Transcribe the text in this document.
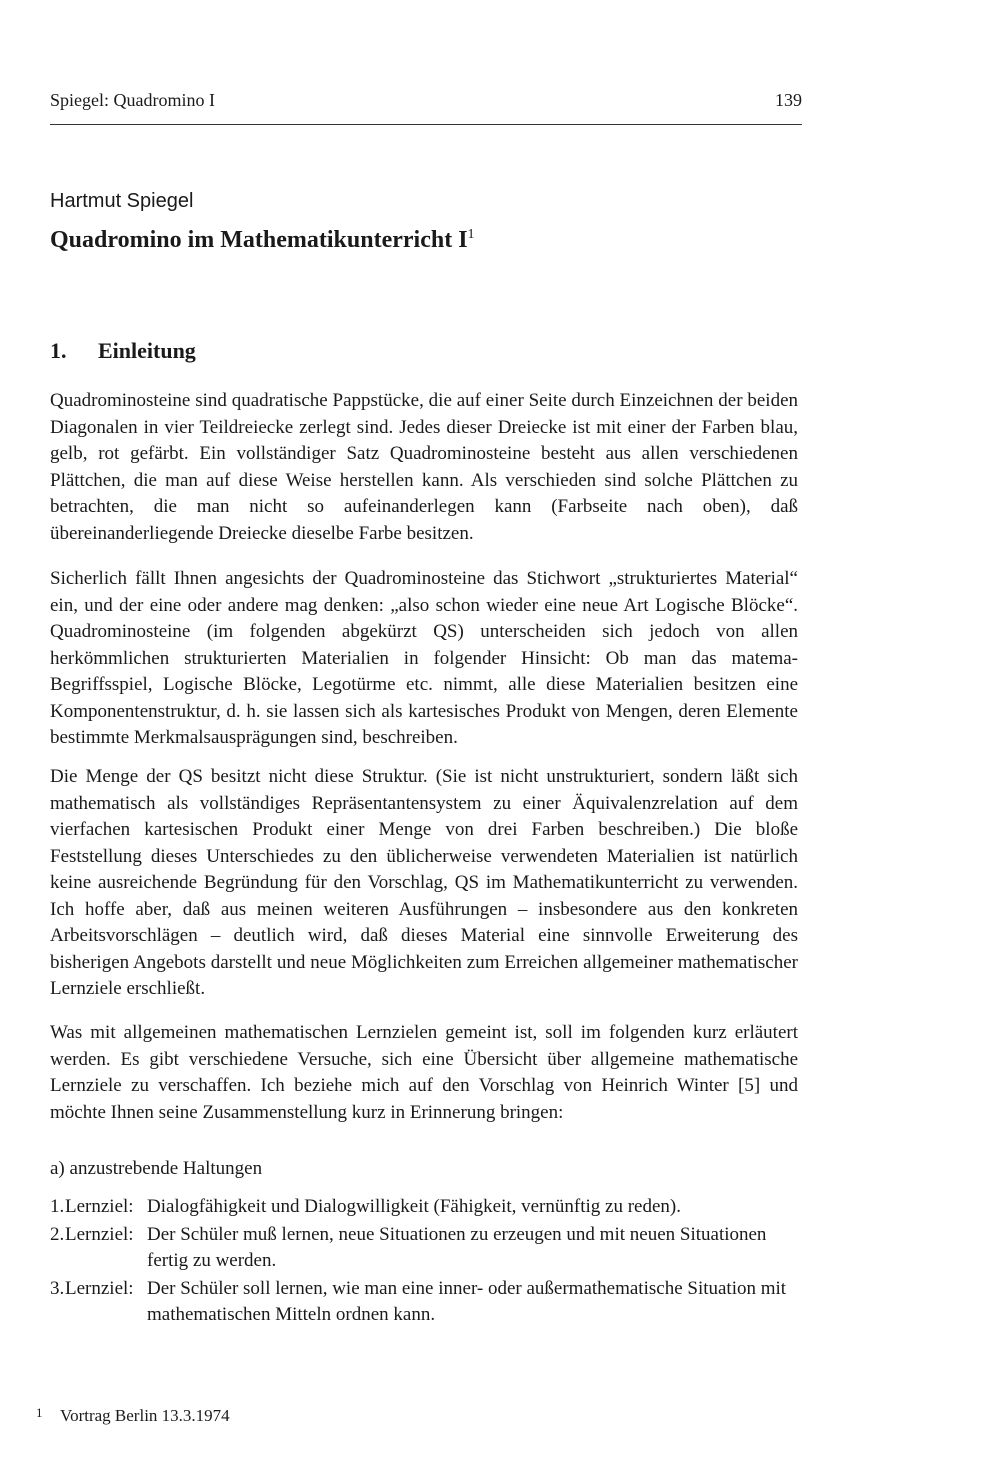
Spiegel: Quadromino I	139

Hartmut Spiegel

Quadromino im Mathematikunterricht $I^1$
1. Einleitung

Quadrominosteine sind quadratische Pappstücke, die auf einer Seite durch Einzeichnen der beiden Diagonalen in vier Teildreiecke zerlegt sind. Jedes dieser Dreiecke ist mit einer der Farben blau, gelb, rot gefärbt. Ein vollständiger Satz Quadrominosteine besteht aus allen verschiedenen Plättchen, die man auf diese Weise herstellen kann. Als verschieden sind solche Plättchen zu betrachten, die man nicht so aufeinanderlegen kann (Farbseite nach oben), daß übereinanderliegende Dreiecke dieselbe Farbe besitzen.

Sicherlich fällt Ihnen angesichts der Quadrominosteine das Stichwort „strukturiertes Material“ ein, und der eine oder andere mag denken: „also schon wieder eine neue Art Logische Blöcke“. Quadrominosteine (im folgenden abgekürzt QS) unterscheiden sich jedoch von allen herkömmlichen strukturierten Materialien in folgender Hinsicht: Ob man das matema-Begriffsspiel, Logische Blöcke, Legotürme etc. nimmt, alle diese Materialien besitzen eine Komponentenstruktur, d. h. sie lassen sich als kartesisches Produkt von Mengen, deren Elemente bestimmte Merkmalsausprägungen sind, beschreiben.

Die Menge der QS besitzt nicht diese Struktur. (Sie ist nicht unstrukturiert, sondern läßt sich mathematisch als vollständiges Repräsentantensystem zu einer Äquivalenzrelation auf dem vierfachen kartesischen Produkt einer Menge von drei Farben beschreiben.) Die bloße Feststellung dieses Unterschiedes zu den üblicherweise verwendeten Materialien ist natürlich keine ausreichende Begründung für den Vorschlag, QS im Mathematikunterricht zu verwenden. Ich hoffe aber, daß aus meinen weiteren Ausführungen – insbesondere aus den konkreten Arbeitsvorschlägen – deutlich wird, daß dieses Material eine sinnvolle Erweiterung des bisherigen Angebots darstellt und neue Möglichkeiten zum Erreichen allgemeiner mathematischer Lernziele erschließt.

Was mit allgemeinen mathematischen Lernzielen gemeint ist, soll im folgenden kurz erläutert werden. Es gibt verschiedene Versuche, sich eine Übersicht über allgemeine mathematische Lernziele zu verschaffen. Ich beziehe mich auf den Vorschlag von Heinrich Winter [5] und möchte Ihnen seine Zusammenstellung kurz in Erinnerung bringen:

a) anzustrebende Haltungen

1. Lernziel: Dialogfähigkeit und Dialogwilligkeit (Fähigkeit, vernünftig zu reden).
2. Lernziel: Der Schüler muß lernen, neue Situationen zu erzeugen und mit neuen Situationen fertig zu werden.
3. Lernziel: Der Schüler soll lernen, wie man eine inner- oder außermathematische Situation mit mathematischen Mitteln ordnen kann.
1 Vortrag Berlin 13.3.1974
